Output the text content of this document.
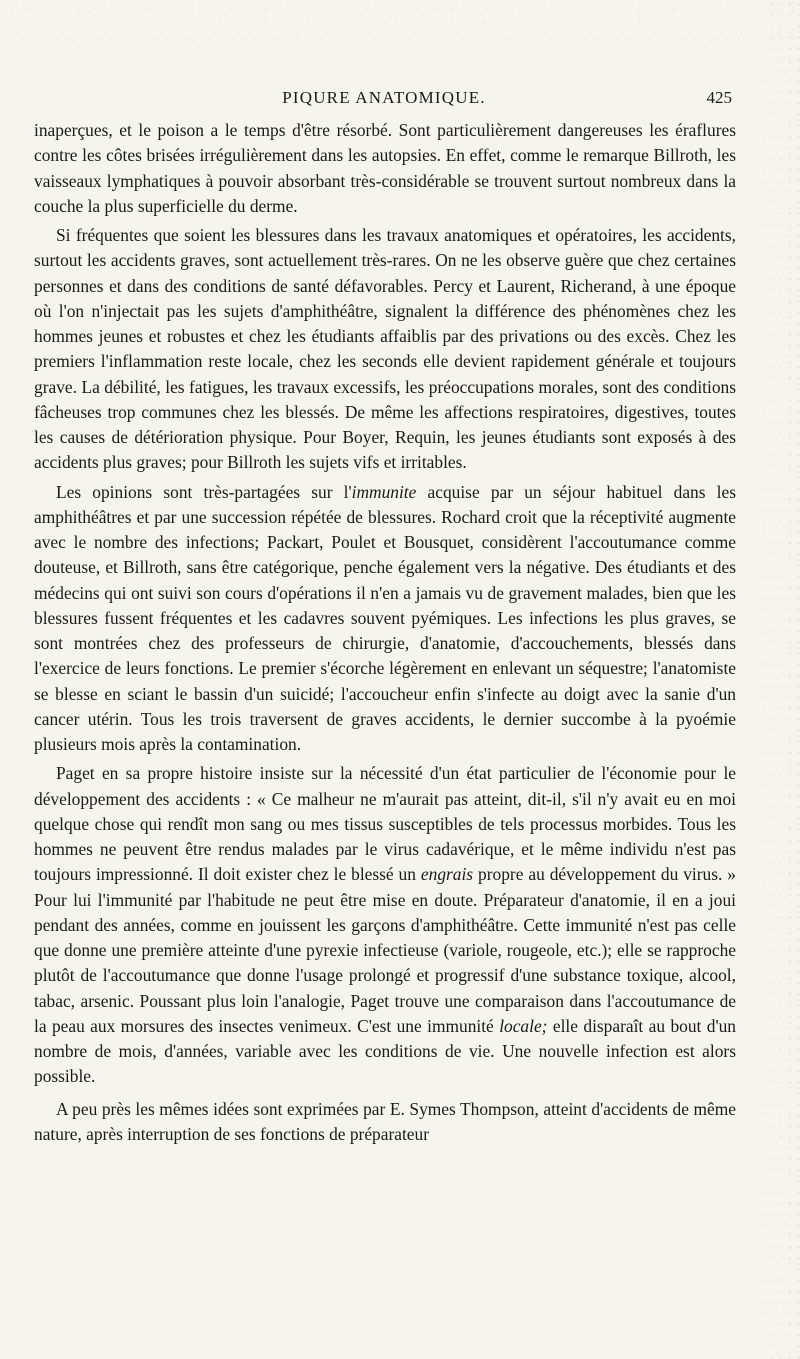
PIQURE ANATOMIQUE.	425

inaperçues, et le poison a le temps d'être résorbé. Sont particulièrement dangereuses les éraflures contre les côtes brisées irrégulièrement dans les autopsies. En effet, comme le remarque Billroth, les vaisseaux lymphatiques à pouvoir absorbant très-considérable se trouvent surtout nombreux dans la couche la plus superficielle du derme.

Si fréquentes que soient les blessures dans les travaux anatomiques et opératoires, les accidents, surtout les accidents graves, sont actuellement très-rares. On ne les observe guère que chez certaines personnes et dans des conditions de santé défavorables. Percy et Laurent, Richerand, à une époque où l'on n'injectait pas les sujets d'amphithéâtre, signalent la différence des phénomènes chez les hommes jeunes et robustes et chez les étudiants affaiblis par des privations ou des excès. Chez les premiers l'inflammation reste locale, chez les seconds elle devient rapidement générale et toujours grave. La débilité, les fatigues, les travaux excessifs, les préoccupations morales, sont des conditions fâcheuses trop communes chez les blessés. De même les affections respiratoires, digestives, toutes les causes de détérioration physique. Pour Boyer, Requin, les jeunes étudiants sont exposés à des accidents plus graves; pour Billroth les sujets vifs et irritables.

Les opinions sont très-partagées sur l'immunite acquise par un séjour habituel dans les amphithéâtres et par une succession répétée de blessures. Rochard croit que la réceptivité augmente avec le nombre des infections; Packart, Poulet et Bousquet, considèrent l'accoutumance comme douteuse, et Billroth, sans être catégorique, penche également vers la négative. Des étudiants et des médecins qui ont suivi son cours d'opérations il n'en a jamais vu de gravement malades, bien que les blessures fussent fréquentes et les cadavres souvent pyémiques. Les infections les plus graves, se sont montrées chez des professeurs de chirurgie, d'anatomie, d'accouchements, blessés dans l'exercice de leurs fonctions. Le premier s'écorche légèrement en enlevant un séquestre; l'anatomiste se blesse en sciant le bassin d'un suicidé; l'accoucheur enfin s'infecte au doigt avec la sanie d'un cancer utérin. Tous les trois traversent de graves accidents, le dernier succombe à la pyoémie plusieurs mois après la contamination.

Paget en sa propre histoire insiste sur la nécessité d'un état particulier de l'économie pour le développement des accidents : « Ce malheur ne m'aurait pas atteint, dit-il, s'il n'y avait eu en moi quelque chose qui rendît mon sang ou mes tissus susceptibles de tels processus morbides. Tous les hommes ne peuvent être rendus malades par le virus cadavérique, et le même individu n'est pas toujours impressionné. Il doit exister chez le blessé un engrais propre au développement du virus. » Pour lui l'immunité par l'habitude ne peut être mise en doute. Préparateur d'anatomie, il en a joui pendant des années, comme en jouissent les garçons d'amphithéâtre. Cette immunité n'est pas celle que donne une première atteinte d'une pyrexie infectieuse (variole, rougeole, etc.); elle se rapproche plutôt de l'accoutumance que donne l'usage prolongé et progressif d'une substance toxique, alcool, tabac, arsenic. Poussant plus loin l'analogie, Paget trouve une comparaison dans l'accoutumance de la peau aux morsures des insectes venimeux. C'est une immunité locale; elle disparaît au bout d'un nombre de mois, d'années, variable avec les conditions de vie. Une nouvelle infection est alors possible.

A peu près les mêmes idées sont exprimées par E. Symes Thompson, atteint d'accidents de même nature, après interruption de ses fonctions de préparateur
